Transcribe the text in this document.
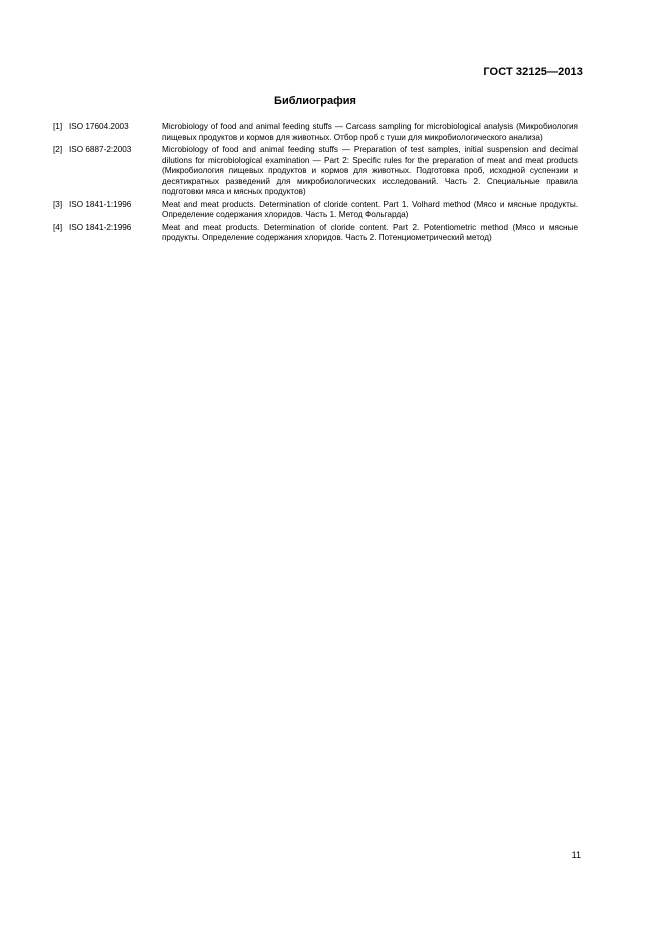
ГОСТ 32125—2013
Библиография
[1] ISO 17604.2003	Microbiology of food and animal feeding stuffs — Carcass sampling for microbiological analysis (Микробиология пищевых продуктов и кормов для животных. Отбор проб с туши для микробиологического анализа)
[2] ISO 6887-2:2003	Microbiology of food and animal feeding stuffs — Preparation of test samples, initial suspension and decimal dilutions for microbiological examination — Part 2: Specific rules for the preparation of meat and meat products (Микробиология пищевых продуктов и кормов для животных. Подготовка проб, исходной суспензии и десятикратных разведений для микробиологических исследований. Часть 2. Специальные правила подготовки мяса и мясных продуктов)
[3] ISO 1841-1:1996	Meat and meat products. Determination of cloride content. Part 1. Volhard method (Мясо и мясные продукты. Определение содержания хлоридов. Часть 1. Метод Фольгарда)
[4] ISO 1841-2:1996	Meat and meat products. Determination of cloride content. Part 2. Potentiometric method (Мясо и мясные продукты. Определение содержания хлоридов. Часть 2. Потенциометрический метод)
11
